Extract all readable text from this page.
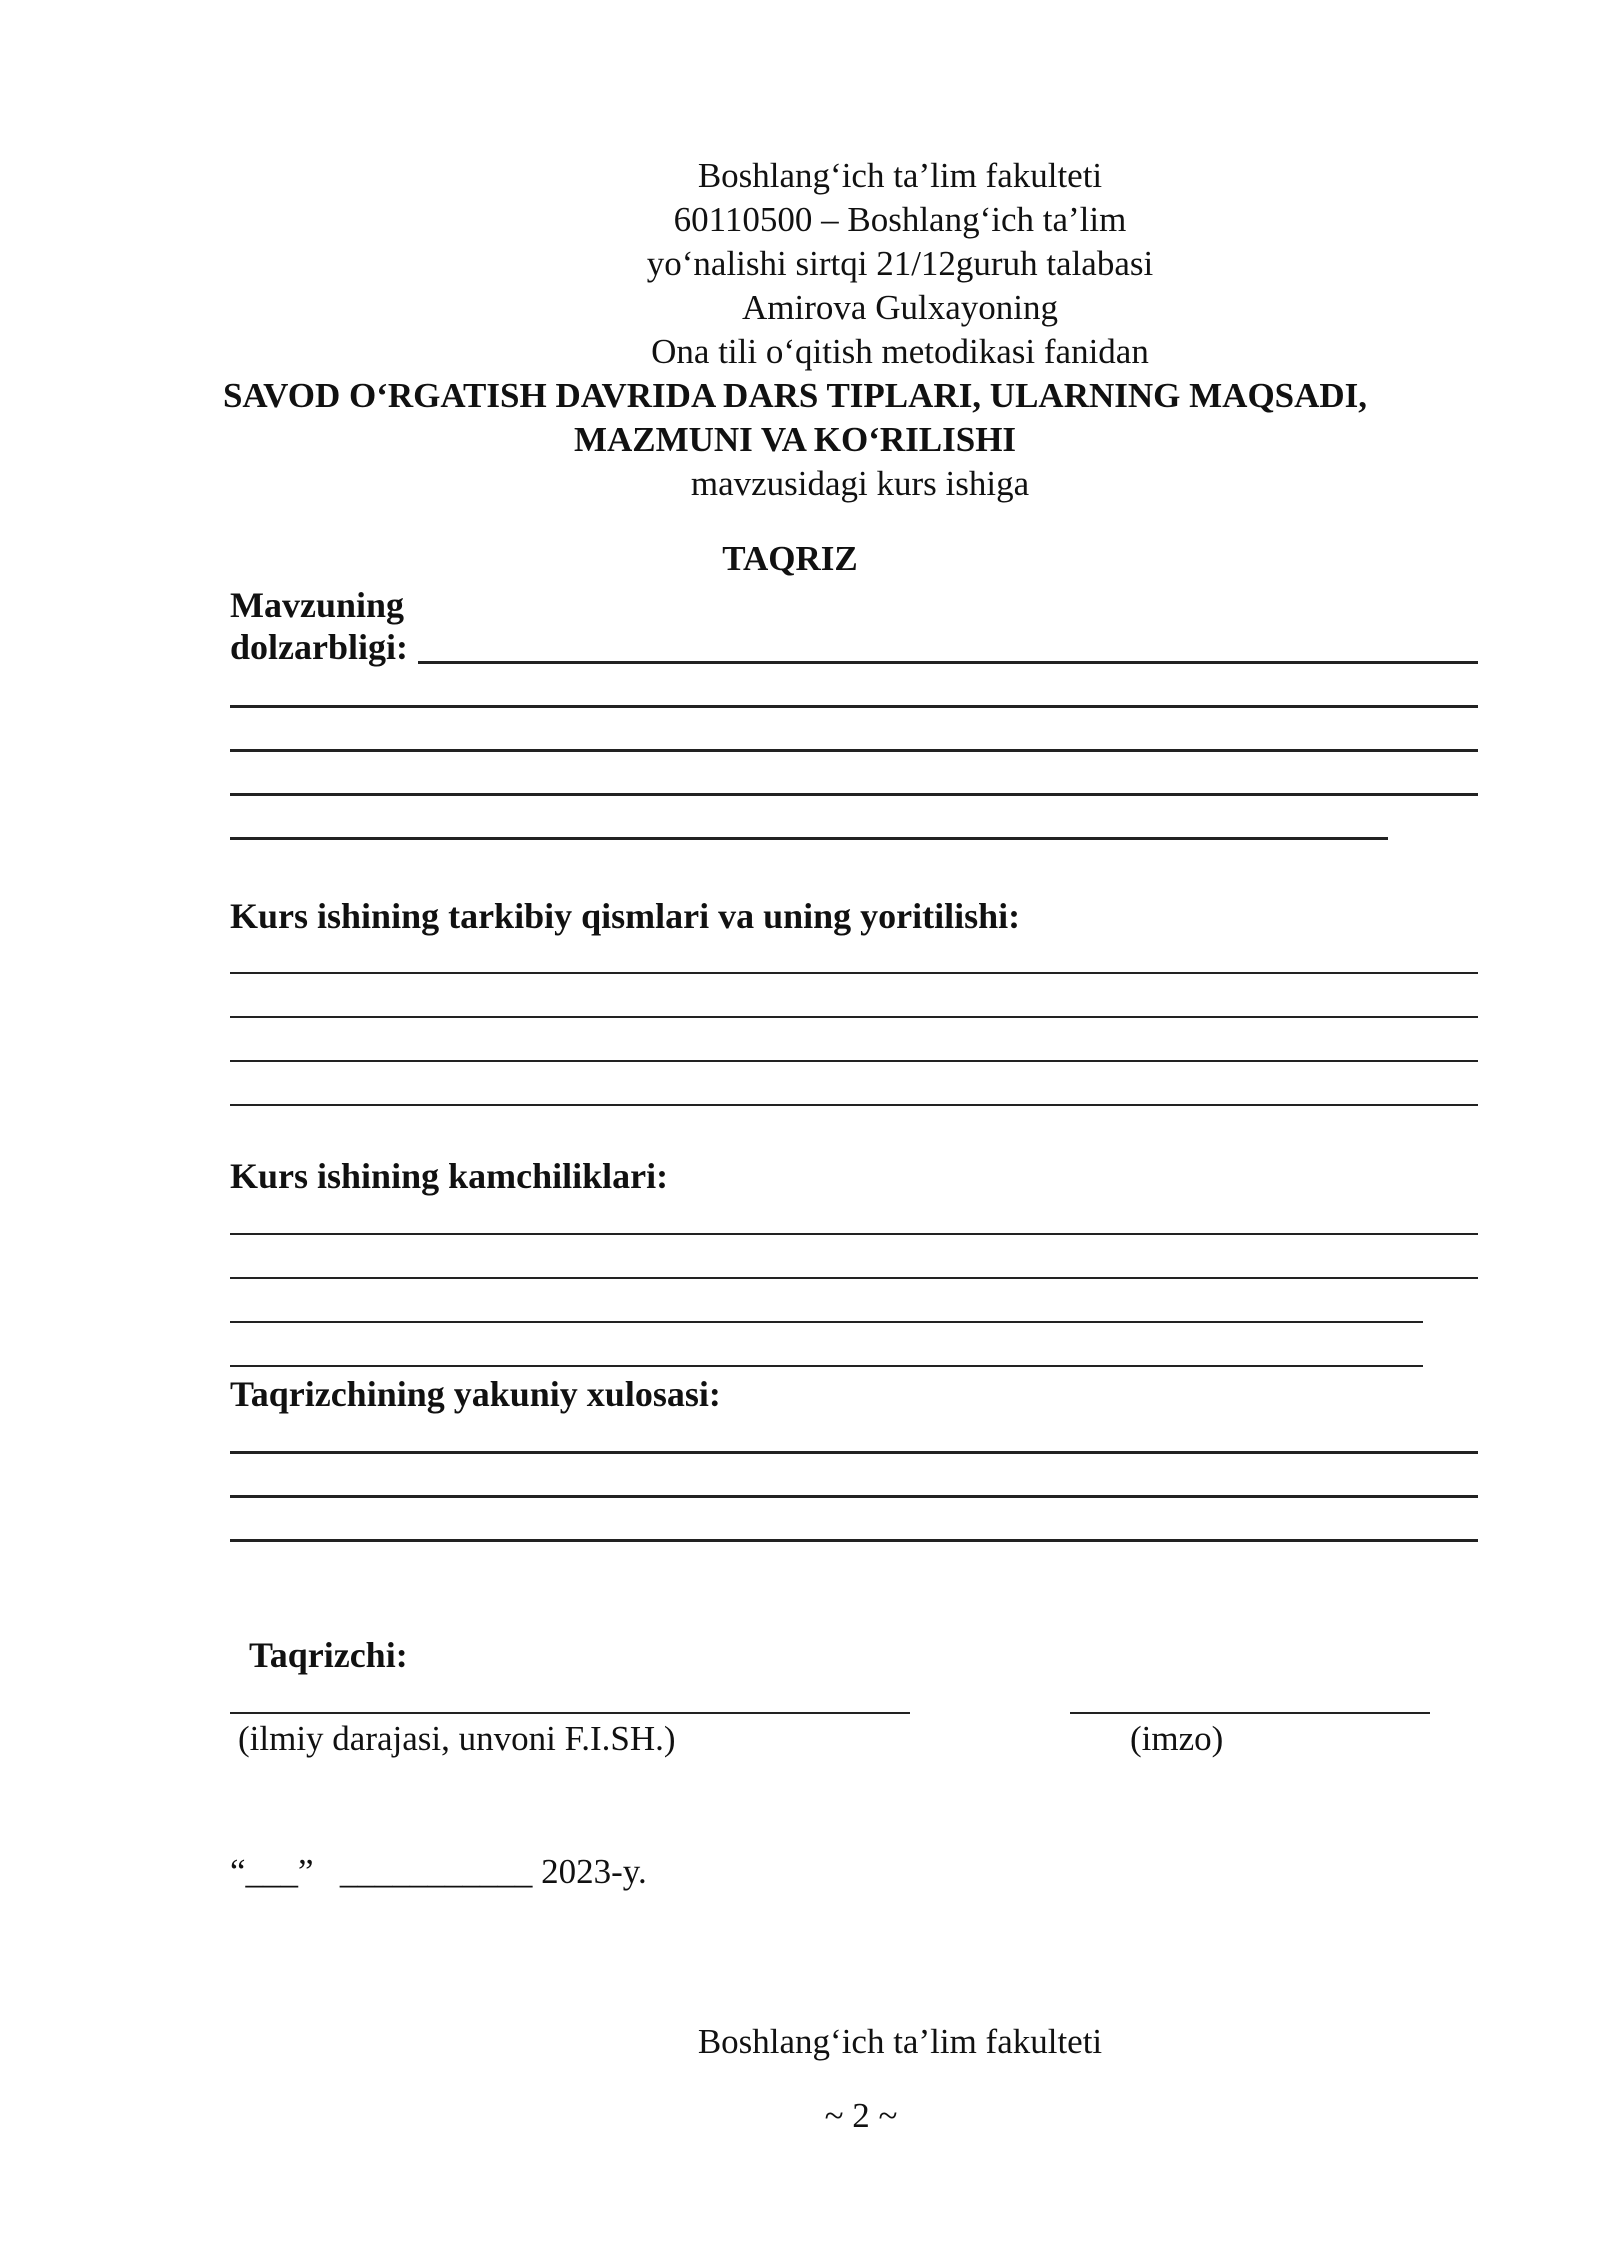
Boshlang‘ich ta’lim fakulteti
60110500 – Boshlang‘ich ta’lim
yo‘nalishi sirtqi 21/12guruh talabasi
Amirova Gulxayoning
Ona tili o‘qitish metodikasi fanidan
SAVOD O‘RGATISH DAVRIDA DARS TIPLARI, ULARNING MAQSADI,
MAZMUNI VA KO‘RILISHI
mavzusidagi kurs ishiga
TAQRIZ
Mavzuning
dolzarbligi:
Kurs ishining tarkibiy qismlari va uning yoritilishi:
Kurs ishining kamchiliklari:
Taqrizchining yakuniy xulosasi:
Taqrizchi:
(ilmiy darajasi, unvoni F.I.SH.)	(imzo)
“___” ___________ 2023-y.
Boshlang‘ich ta’lim fakulteti
~ 2 ~
